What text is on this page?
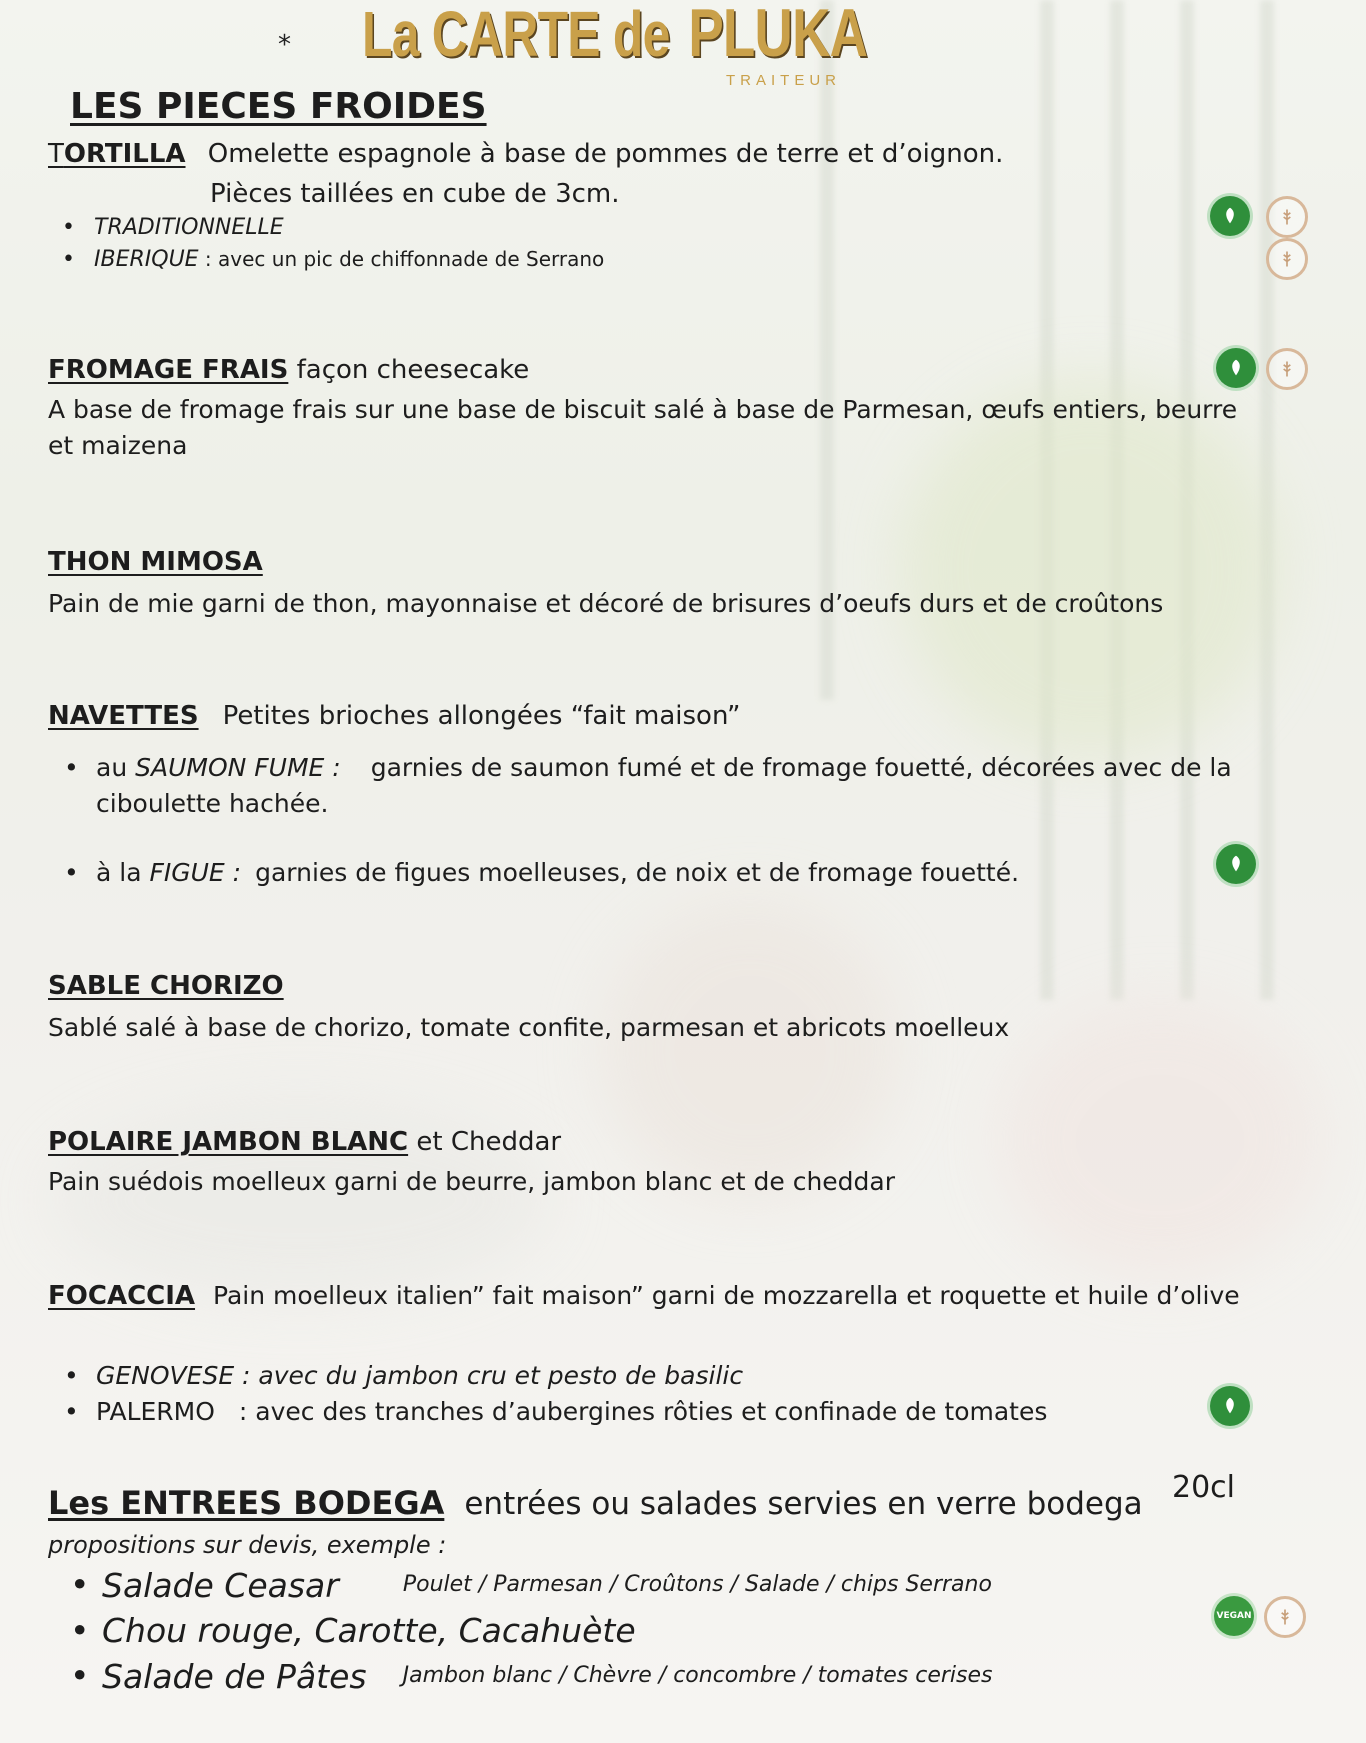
* La CARTE de PLUKA
TRAITEUR
LES PIECES FROIDES
TORTILLA Omelette espagnole à base de pommes de terre et d’oignon.
Pièces taillées en cube de 3cm.
• TRADITIONNELLE
• IBERIQUE : avec un pic de chiffonnade de Serrano
FROMAGE FRAIS façon cheesecake
A base de fromage frais sur une base de biscuit salé à base de Parmesan, œufs entiers, beurre et maizena
THON MIMOSA
Pain de mie garni de thon, mayonnaise et décoré de brisures d’oeufs durs et de croûtons
NAVETTES Petites brioches allongées “fait maison”
• au SAUMON FUME : garnies de saumon fumé et de fromage fouetté, décorées avec de la ciboulette hachée.
• à la FIGUE : garnies de figues moelleuses, de noix et de fromage fouetté.
SABLE CHORIZO
Sablé salé à base de chorizo, tomate confite, parmesan et abricots moelleux
POLAIRE JAMBON BLANC et Cheddar
Pain suédois moelleux garni de beurre, jambon blanc et de cheddar
FOCACCIA Pain moelleux italien” fait maison” garni de mozzarella et roquette et huile d’olive
• GENOVESE : avec du jambon cru et pesto de basilic
• PALERMO : avec des tranches d’aubergines rôties et confinade de tomates
Les ENTREES BODEGA entrées ou salades servies en verre bodega 20cl
propositions sur devis, exemple :
• Salade Ceasar	Poulet / Parmesan / Croûtons / Salade / chips Serrano
• Chou rouge, Carotte, Cacahuète
• Salade de Pâtes Jambon blanc / Chèvre / concombre / tomates cerises
VEGAN
